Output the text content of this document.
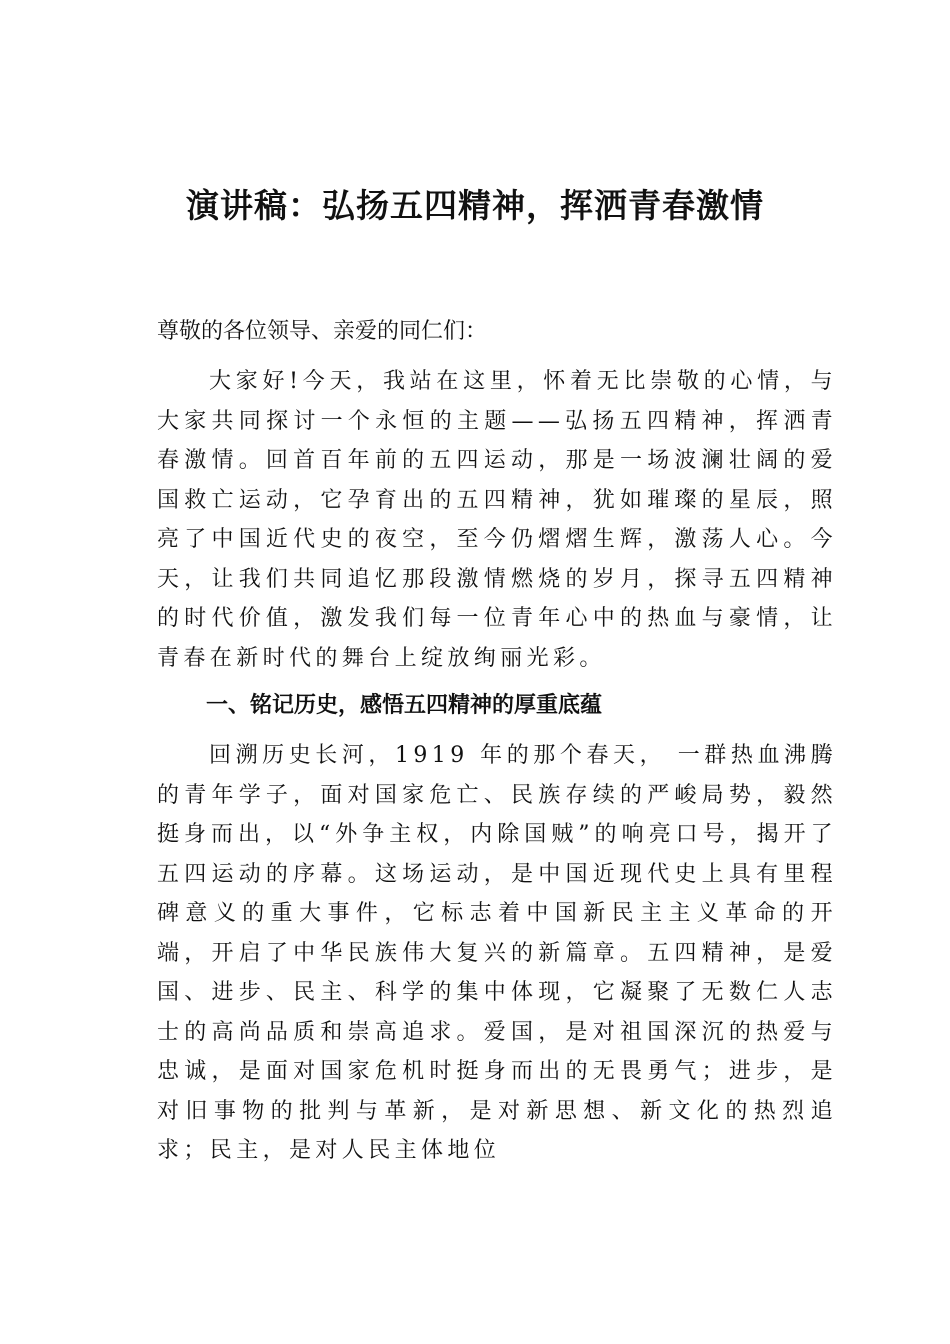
演讲稿：弘扬五四精神，挥洒青春激情

尊敬的各位领导、亲爱的同仁们：

大家好!今天，我站在这里，怀着无比崇敬的心情，与大家共同探讨一个永恒的主题——弘扬五四精神，挥洒青春激情。回首百年前的五四运动，那是一场波澜壮阔的爱国救亡运动，它孕育出的五四精神，犹如璀璨的星辰，照亮了中国近代史的夜空，至今仍熠熠生辉，激荡人心。今天，让我们共同追忆那段激情燃烧的岁月，探寻五四精神的时代价值，激发我们每一位青年心中的热血与豪情，让青春在新时代的舞台上绽放绚丽光彩。

一、铭记历史，感悟五四精神的厚重底蕴

回溯历史长河，1919 年的那个春天， 一群热血沸腾的青年学子，面对国家危亡、民族存续的严峻局势，毅然挺身而出，以“外争主权，内除国贼”的响亮口号，揭开了五四运动的序幕。这场运动，是中国近现代史上具有里程碑意义的重大事件，它标志着中国新民主主义革命的开端，开启了中华民族伟大复兴的新篇章。五四精神，是爱国、进步、民主、科学的集中体现，它凝聚了无数仁人志士的高尚品质和崇高追求。爱国，是对祖国深沉的热爱与忠诚，是面对国家危机时挺身而出的无畏勇气；进步，是对旧事物的批判与革新，是对新思想、新文化的热烈追求；民主，是对人民主体地位
